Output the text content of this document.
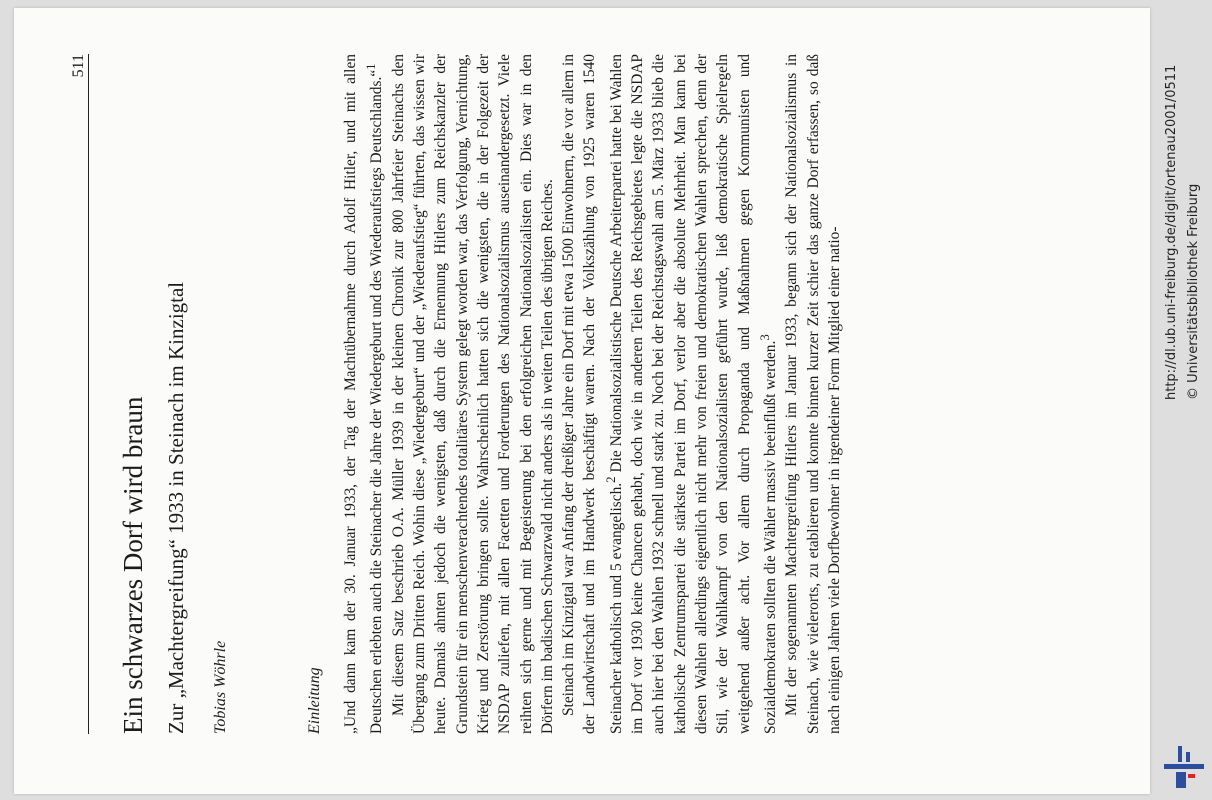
511
Ein schwarzes Dorf wird braun Zur „Machtergreifung“ 1933 in Steinach im Kinzigtal Tobias Wöhrle	Einleitung „Und dann kam der 30. Januar 1933, der Tag der Machtübernahme durch Adolf Hitler, und mit allen Deutschen erlebten auch die Steinacher die Jahre der Wiedergeburt und des Wiederaufstiegs Deutschlands.“$^1$ Mit diesem Satz beschrieb O.A. Müller 1939 in der kleinen Chronik zur 800 Jahrfeier Steinachs den Übergang zum Dritten Reich. Wohin diese „Wiedergeburt“ und der „Wiederaufstieg“ führten, das wissen wir heute. Damals ahnten jedoch die wenigsten, daß durch die Ernennung Hitlers zum Reichskanzler der Grundstein für ein menschenverachtendes totalitäres System gelegt worden war, das Verfolgung, Vernichtung, Krieg und Zerstörung bringen sollte. Wahrscheinlich hatten sich die wenigsten, die in der Folgezeit der NSDAP zuliefen, mit allen Facetten und Forderungen des Nationalsozialismus auseinandergesetzt. Viele reihten sich gerne und mit Begeisterung bei den erfolgreichen Nationalsozialisten ein. Dies war in den Dörfern im badischen Schwarzwald nicht anders als in weiten Teilen des übrigen Reiches. Steinach im Kinzigtal war Anfang der dreißiger Jahre ein Dorf mit etwa 1500 Einwohnern, die vor allem in der Landwirtschaft und im Handwerk beschäftigt waren. Nach der Volkszählung von 1925 waren 1540 Steinacher katholisch und 5 evangelisch.$^2$ Die Nationalsozialistische Deutsche Arbeiterpartei hatte bei Wahlen im Dorf vor 1930 keine Chancen gehabt, doch wie in anderen Teilen des Reichsgebietes legte die NSDAP auch hier bei den Wahlen 1932 schnell und stark zu. Noch bei der Reichstagswahl am 5. März 1933 blieb die katholische Zentrumspartei die stärkste Partei im Dorf, verlor aber die absolute Mehrheit. Man kann bei diesen Wahlen allerdings eigentlich nicht mehr von freien und demokratischen Wahlen sprechen, denn der Stil, wie der Wahlkampf von den Nationalsozialisten geführt wurde, ließ demokratische Spielregeln weitgehend außer acht. Vor allem durch Propaganda und Maßnahmen gegen Kommunisten und Sozialdemokraten sollten die Wähler massiv beeinflußt werden.$^3$ Mit der sogenannten Machtergreifung Hitlers im Januar 1933, begann sich der Nationalsozialismus in Steinach, wie vielerorts, zu etablieren und konnte binnen kurzer Zeit schier das ganze Dorf erfassen, so daß nach einigen Jahren viele Dorfbewohner in irgendeiner Form Mitglied einer natio-	http://dl.ub.uni-freiburg.de/diglit/ortenau2001/0511 © Universitätsbibliothek Freiburg
